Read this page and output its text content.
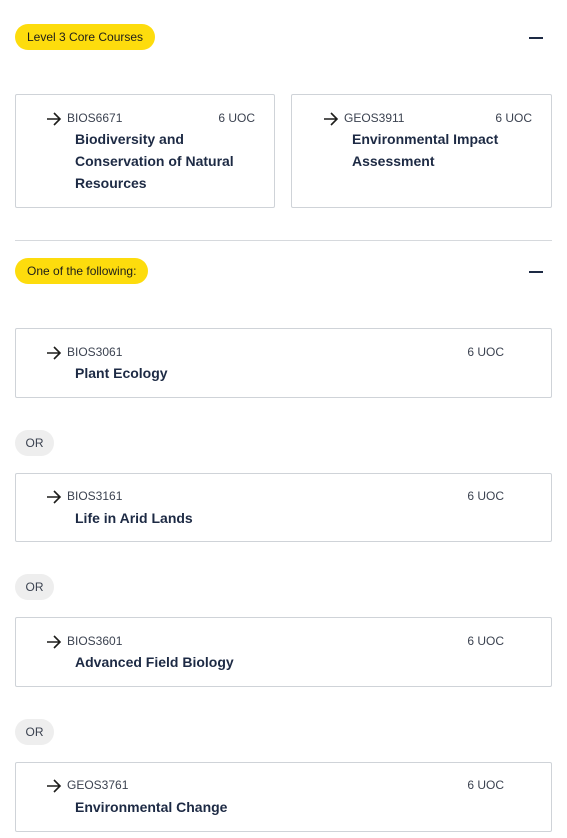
Level 3 Core Courses
BIOS6671	6 UOC
Biodiversity and Conservation of Natural Resources
GEOS3911	6 UOC
Environmental Impact Assessment
One of the following:
BIOS3061	6 UOC
Plant Ecology
OR
BIOS3161	6 UOC
Life in Arid Lands
OR
BIOS3601	6 UOC
Advanced Field Biology
OR
GEOS3761	6 UOC
Environmental Change
